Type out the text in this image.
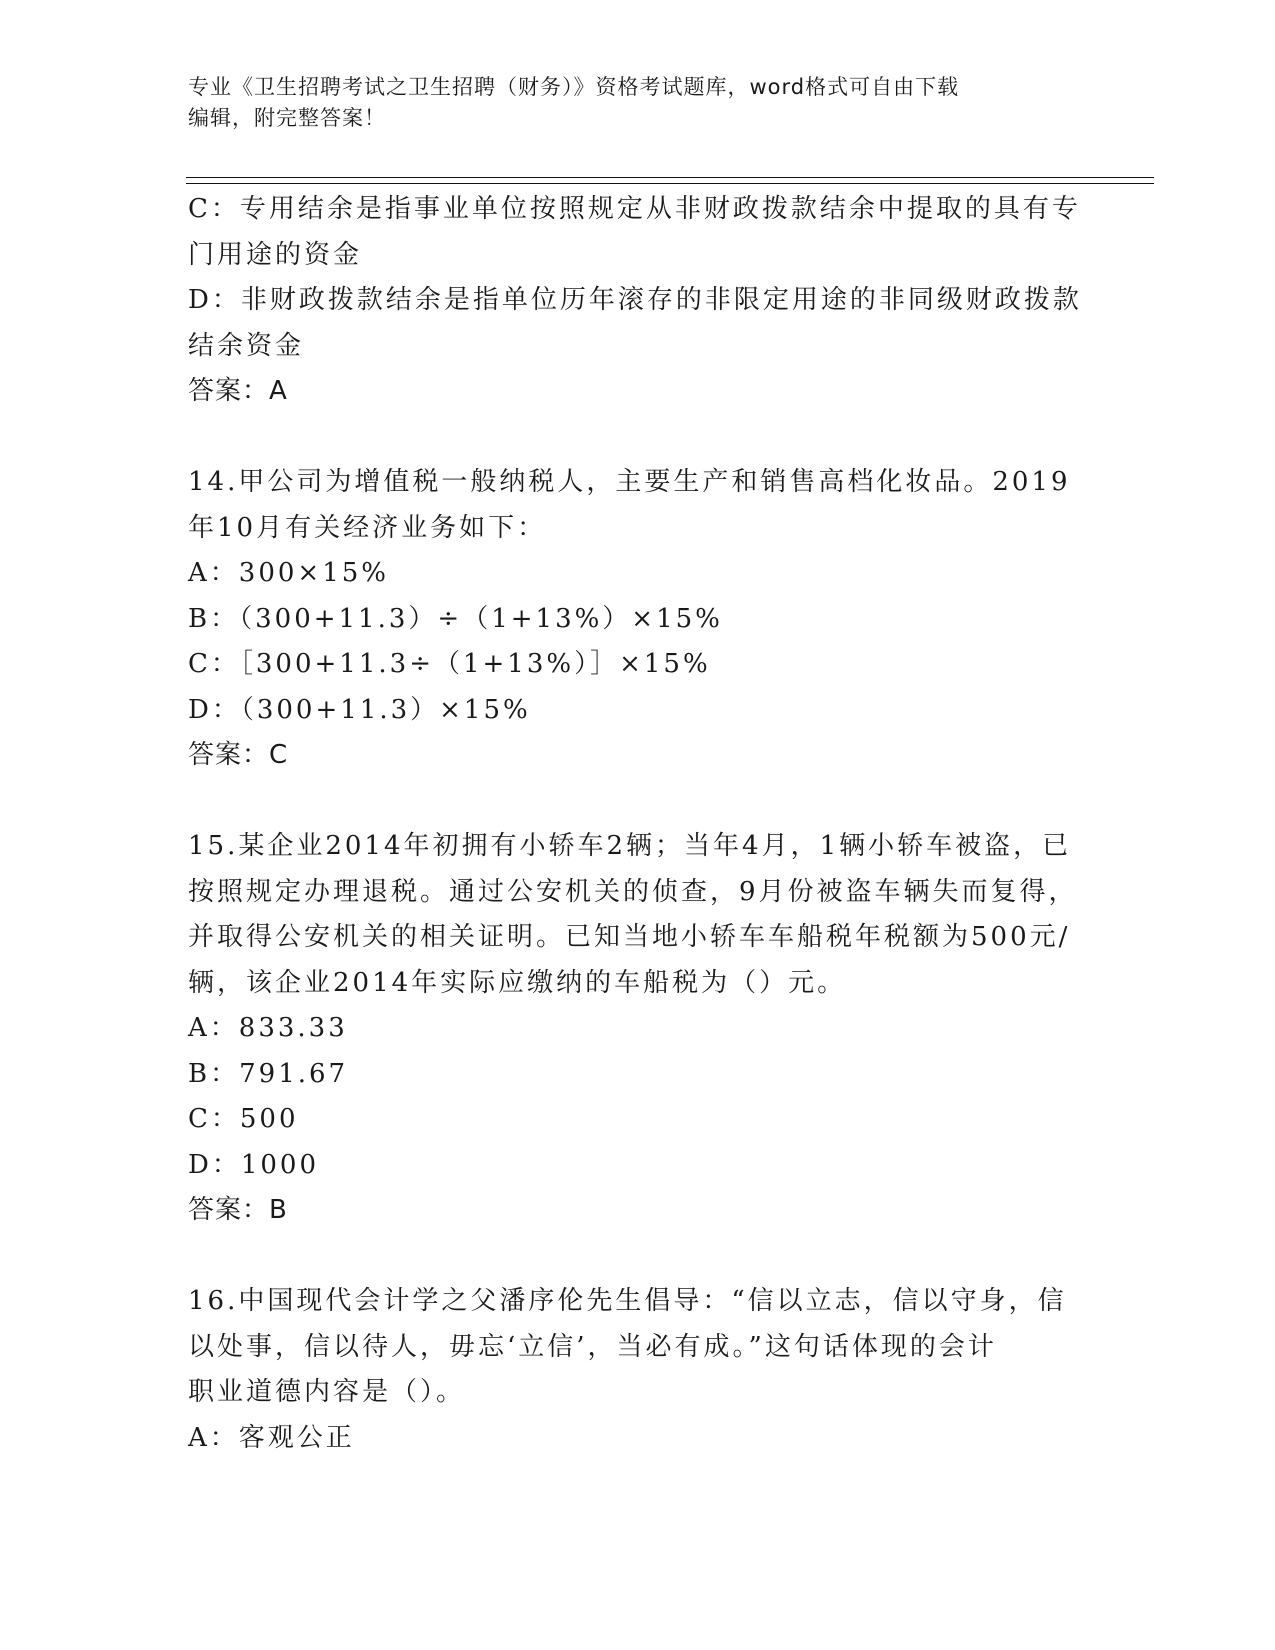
专业《卫生招聘考试之卫生招聘（财务）》资格考试题库，word格式可自由下载
编辑，附完整答案！
C：专用结余是指事业单位按照规定从非财政拨款结余中提取的具有专
门用途的资金
D：非财政拨款结余是指单位历年滚存的非限定用途的非同级财政拨款
结余资金
答案：A
14.甲公司为增值税一般纳税人，主要生产和销售高档化妆品。2019
年10月有关经济业务如下：
A：300×15%
B：（300+11.3）÷（1+13%）×15%
C：［300+11.3÷（1+13%）］×15%
D：（300+11.3）×15%
答案：C
15.某企业2014年初拥有小轿车2辆；当年4月，1辆小轿车被盗，已
按照规定办理退税。通过公安机关的侦查，9月份被盗车辆失而复得，
并取得公安机关的相关证明。已知当地小轿车车船税年税额为500元/
辆，该企业2014年实际应缴纳的车船税为（）元。
A：833.33
B：791.67
C：500
D：1000
答案：B
16.中国现代会计学之父潘序伦先生倡导：“信以立志，信以守身，信
以处事，信以待人，毋忘‘立信’，当必有成。”这句话体现的会计
职业道德内容是（）。
A：客观公正
